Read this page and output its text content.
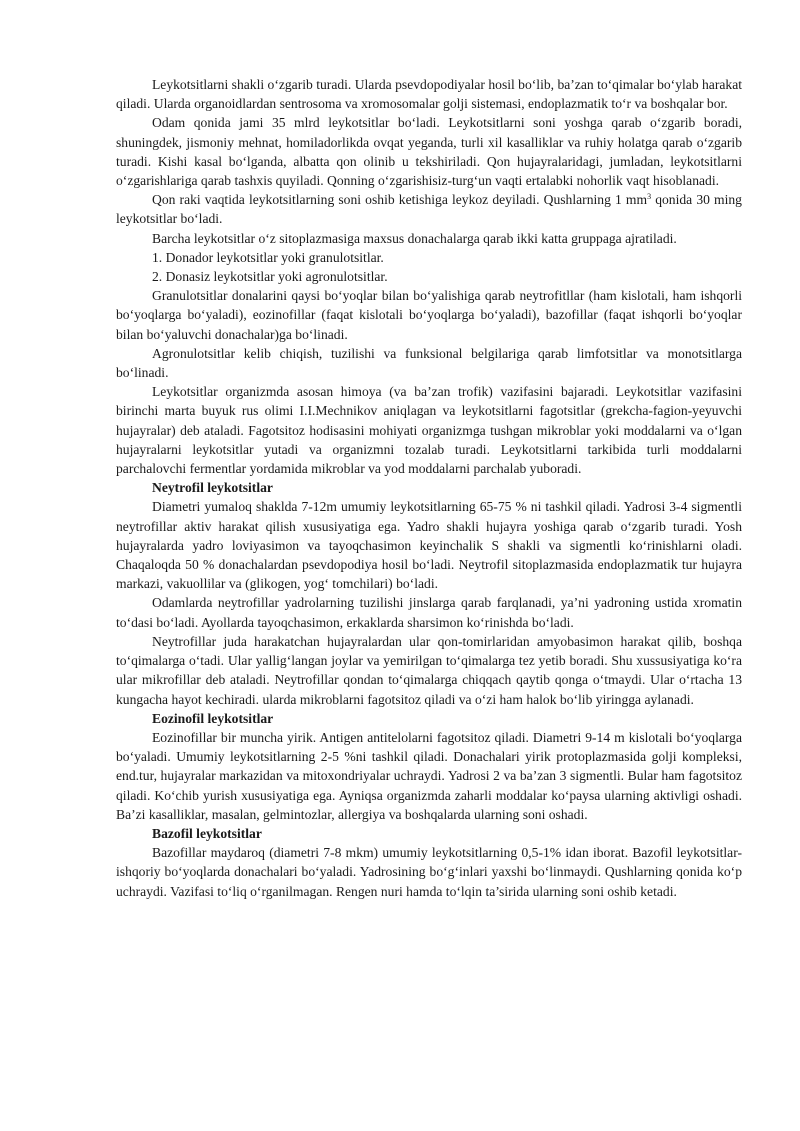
Leykotsitlarni shakli o‘zgarib turadi. Ularda psevdopodiyalar hosil bo‘lib, ba’zan to‘qimalar bo‘ylab harakat qiladi. Ularda organoidlardan sentrosoma va xromosomalar golji sistemasi, endoplazmatik to‘r va boshqalar bor.

Odam qonida jami 35 mlrd leykotsitlar bo‘ladi. Leykotsitlarni soni yoshga qarab o‘zgarib boradi, shuningdek, jismoniy mehnat, homiladorlikda ovqat yeganda, turli xil kasalliklar va ruhiy holatga qarab o‘zgarib turadi. Kishi kasal bo‘lganda, albatta qon olinib u tekshiriladi. Qon hujayralaridagi, jumladan, leykotsitlarni o‘zgarishlariga qarab tashxis quyiladi. Qonning o‘zgarishisiz-turg‘un vaqti ertalabki nohorlik vaqt hisoblanadi.

Qon raki vaqtida leykotsitlarning soni oshib ketishiga leykoz deyiladi. Qushlarning 1 $mm^3$ qonida 30 ming leykotsitlar bo‘ladi.

Barcha leykotsitlar o‘z sitoplazmasiga maxsus donachalarga qarab ikki katta gruppaga ajratiladi.

1. Donador leykotsitlar yoki granulotsitlar.

2. Donasiz leykotsitlar yoki agronulotsitlar.

Granulotsitlar donalarini qaysi bo‘yoqlar bilan bo‘yalishiga qarab neytrofitllar (ham kislotali, ham ishqorli bo‘yoqlarga bo‘yaladi), eozinofillar (faqat kislotali bo‘yoqlarga bo‘yaladi), bazofillar (faqat ishqorli bo‘yoqlar bilan bo‘yaluvchi donachalar)ga bo‘linadi.

Agronulotsitlar kelib chiqish, tuzilishi va funksional belgilariga qarab limfotsitlar va monotsitlarga bo‘linadi.

Leykotsitlar organizmda asosan himoya (va ba’zan trofik) vazifasini bajaradi. Leykotsitlar vazifasini birinchi marta buyuk rus olimi I.I.Mechnikov aniqlagan va leykotsitlarni fagotsitlar (grekcha-fagion-yeyuvchi hujayralar) deb ataladi. Fagotsitoz hodisasini mohiyati organizmga tushgan mikroblar yoki moddalarni va o‘lgan hujayralarni leykotsitlar yutadi va organizmni tozalab turadi. Leykotsitlarni tarkibida turli moddalarni parchalovchi fermentlar yordamida mikroblar va yod moddalarni parchalab yuboradi.

Neytrofil leykotsitlar

Diametri yumaloq shaklda 7-12m umumiy leykotsitlarning 65-75 % ni tashkil qiladi. Yadrosi 3-4 sigmentli neytrofillar aktiv harakat qilish xususiyatiga ega. Yadro shakli hujayra yoshiga qarab o‘zgarib turadi. Yosh hujayralarda yadro loviyasimon va tayoqchasimon keyinchalik S shakli va sigmentli ko‘rinishlarni oladi. Chaqaloqda 50 % donachalardan psevdopodiya hosil bo‘ladi. Neytrofil sitoplazmasida endoplazmatik tur hujayra markazi, vakuollilar va (glikogen, yog‘ tomchilari) bo‘ladi.

Odamlarda neytrofillar yadrolarning tuzilishi jinslarga qarab farqlanadi, ya’ni yadroning ustida xromatin to‘dasi bo‘ladi. Ayollarda tayoqchasimon, erkaklarda sharsimon ko‘rinishda bo‘ladi.

Neytrofillar juda harakatchan hujayralardan ular qon-tomirlaridan amyobasimon harakat qilib, boshqa to‘qimalarga o‘tadi. Ular yallig‘langan joylar va yemirilgan to‘qimalarga tez yetib boradi. Shu xussusiyatiga ko‘ra ular mikrofillar deb ataladi. Neytrofillar qondan to‘qimalarga chiqqach qaytib qonga o‘tmaydi. Ular o‘rtacha 13 kungacha hayot kechiradi. ularda mikroblarni fagotsitoz qiladi va o‘zi ham halok bo‘lib yiringga aylanadi.

Eozinofil leykotsitlar

Eozinofillar bir muncha yirik. Antigen antitelolarni fagotsitoz qiladi. Diametri 9-14 m kislotali bo‘yoqlarga bo‘yaladi. Umumiy leykotsitlarning 2-5 %ni tashkil qiladi. Donachalari yirik protoplazmasida golji kompleksi, end.tur, hujayralar markazidan va mitoxondriyalar uchraydi. Yadrosi 2 va ba’zan 3 sigmentli. Bular ham fagotsitoz qiladi. Ko‘chib yurish xususiyatiga ega. Ayniqsa organizmda zaharli moddalar ko‘paysa ularning aktivligi oshadi. Ba’zi kasalliklar, masalan, gelmintozlar, allergiya va boshqalarda ularning soni oshadi.

Bazofil leykotsitlar

Bazofillar maydaroq (diametri 7-8 mkm) umumiy leykotsitlarning 0,5-1% idan iborat. Bazofil leykotsitlar-ishqoriy bo‘yoqlarda donachalari bo‘yaladi. Yadrosining bo‘g‘inlari yaxshi bo‘linmaydi. Qushlarning qonida ko‘p uchraydi. Vazifasi to‘liq o‘rganilmagan. Rengen nuri hamda to‘lqin ta’sirida ularning soni oshib ketadi.
